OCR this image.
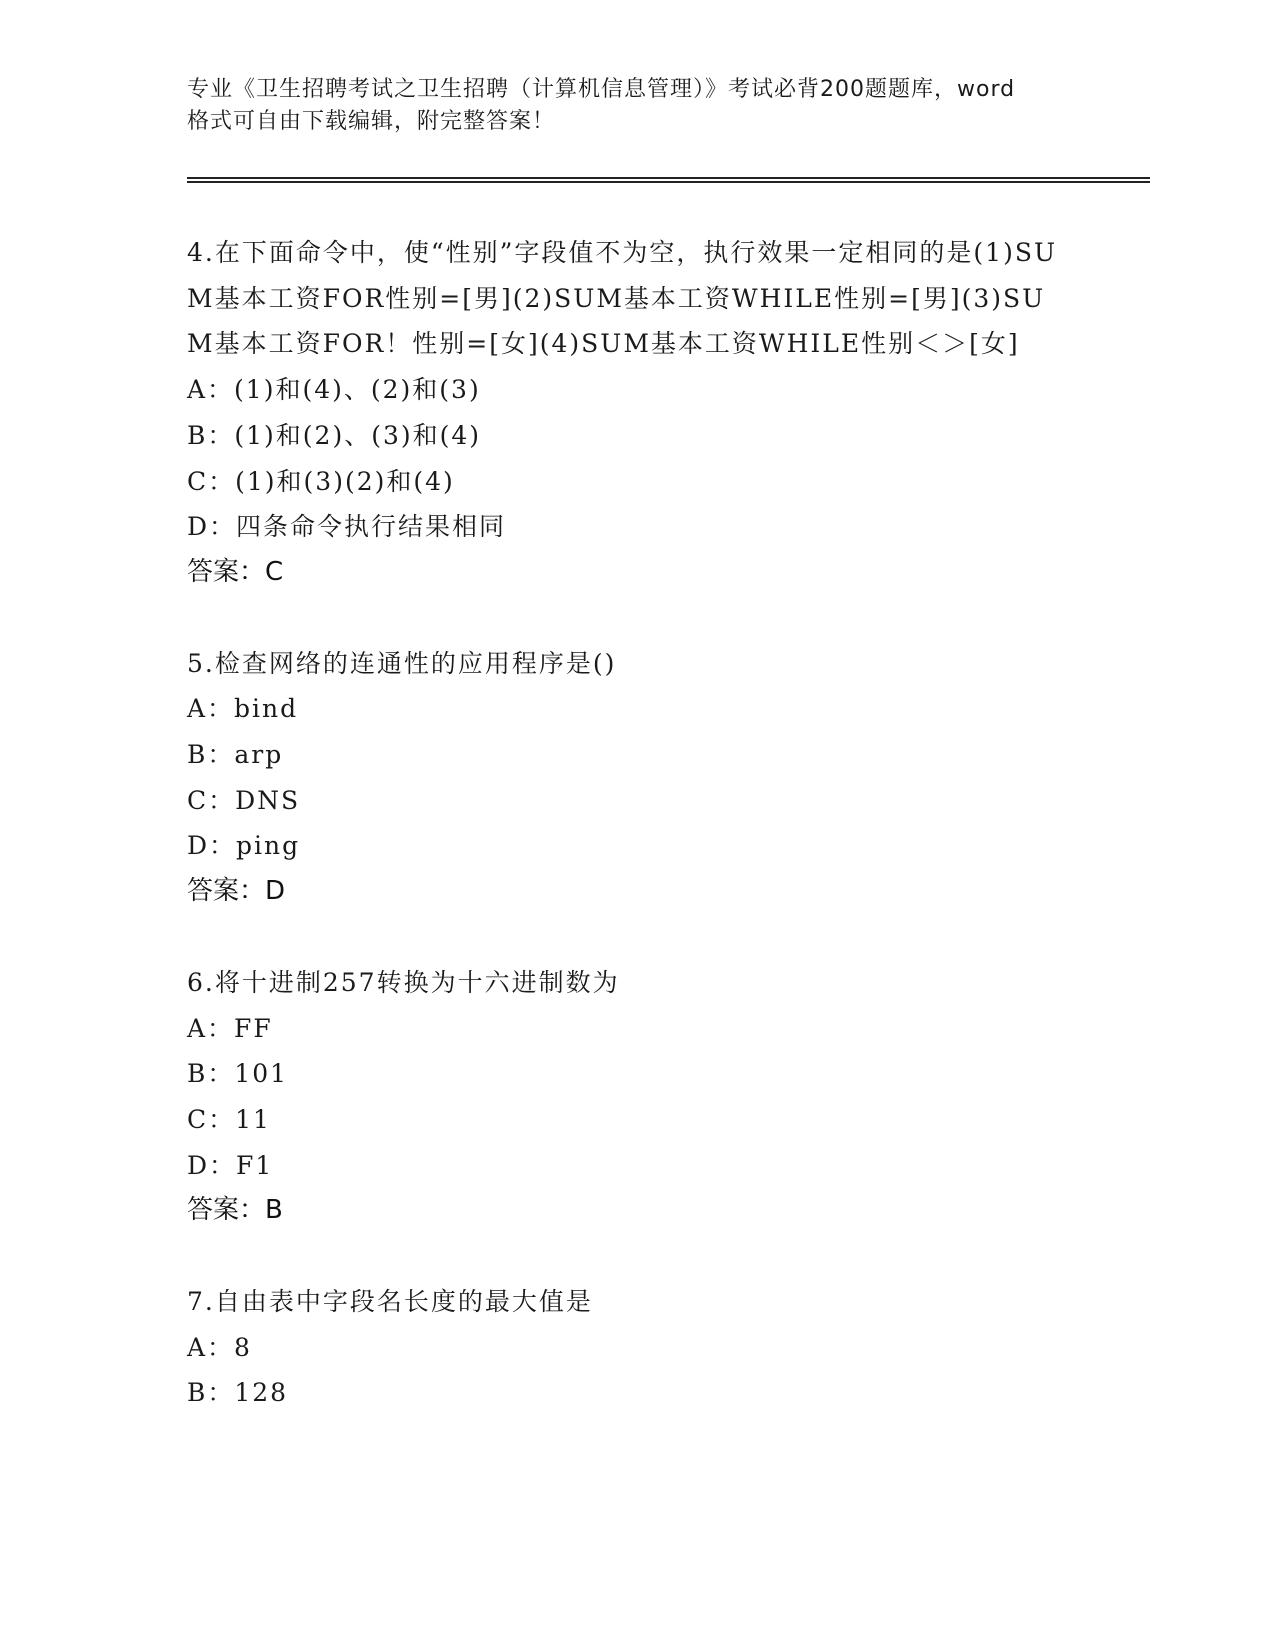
专业《卫生招聘考试之卫生招聘（计算机信息管理）》考试必背200题题库，word

格式可自由下载编辑，附完整答案！

4.在下面命令中，使“性别”字段值不为空，执行效果一定相同的是(1)SUM基本工资FOR性别=[男](2)SUM基本工资WHILE性别=[男](3)SUM基本工资FOR！性别=[女](4)SUM基本工资WHILE性别＜＞[女]

A：(1)和(4)、(2)和(3)

B：(1)和(2)、(3)和(4)

C：(1)和(3)(2)和(4)

D：四条命令执行结果相同

答案：C

5.检查网络的连通性的应用程序是()

A：bind

B：arp

C：DNS

D：ping

答案：D

6.将十进制257转换为十六进制数为

A：FF

B：101

C：11

D：F1

答案：B

7.自由表中字段名长度的最大值是

A：8

B：128
